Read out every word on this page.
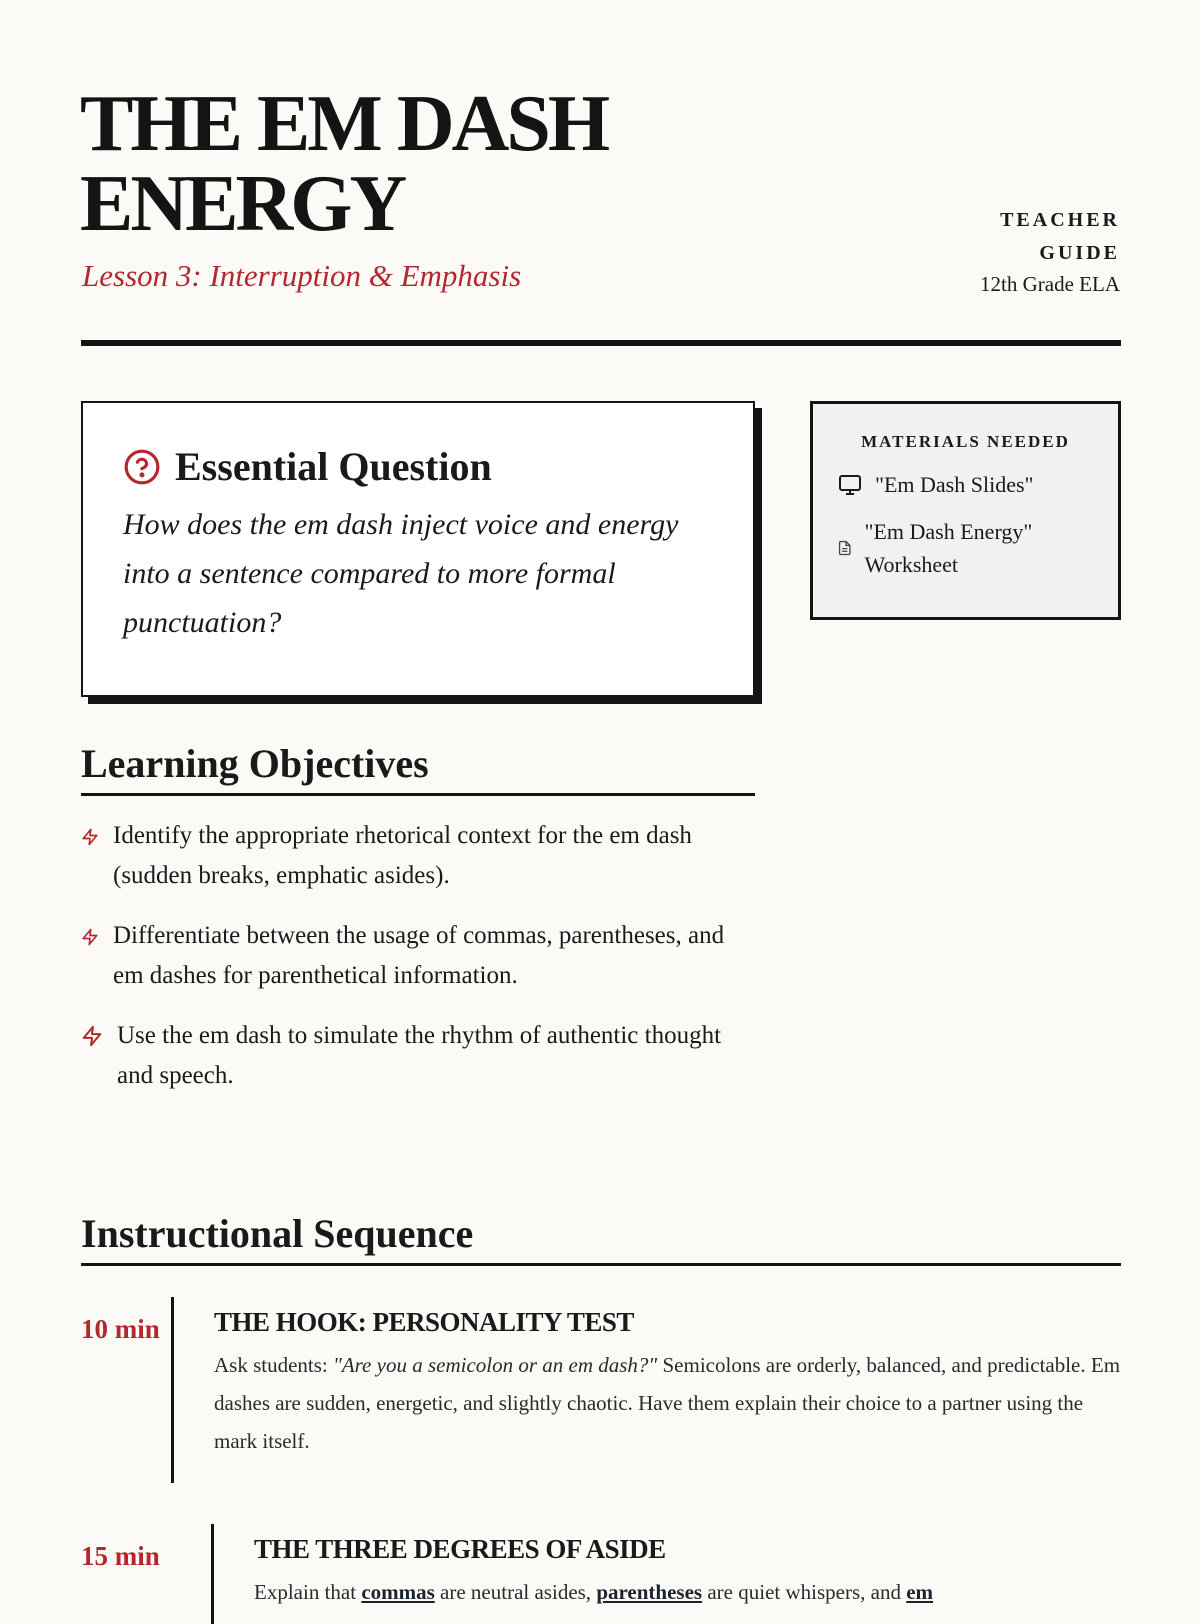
THE EM DASH
ENERGY
Lesson 3: Interruption & Emphasis
TEACHER
GUIDE
12th Grade ELA
Essential Question
How does the em dash inject voice and energy into a sentence compared to more formal punctuation?
MATERIALS NEEDED
"Em Dash Slides"
"Em Dash Energy" Worksheet
Learning Objectives
Identify the appropriate rhetorical context for the em dash (sudden breaks, emphatic asides).
Differentiate between the usage of commas, parentheses, and em dashes for parenthetical information.
Use the em dash to simulate the rhythm of authentic thought and speech.
Instructional Sequence
10 min	THE HOOK: PERSONALITY TEST
Ask students: "Are you a semicolon or an em dash?" Semicolons are orderly, balanced, and predictable. Em dashes are sudden, energetic, and slightly chaotic. Have them explain their choice to a partner using the mark itself.
15 min	THE THREE DEGREES OF ASIDE
Explain that commas are neutral asides, parentheses are quiet whispers, and em
